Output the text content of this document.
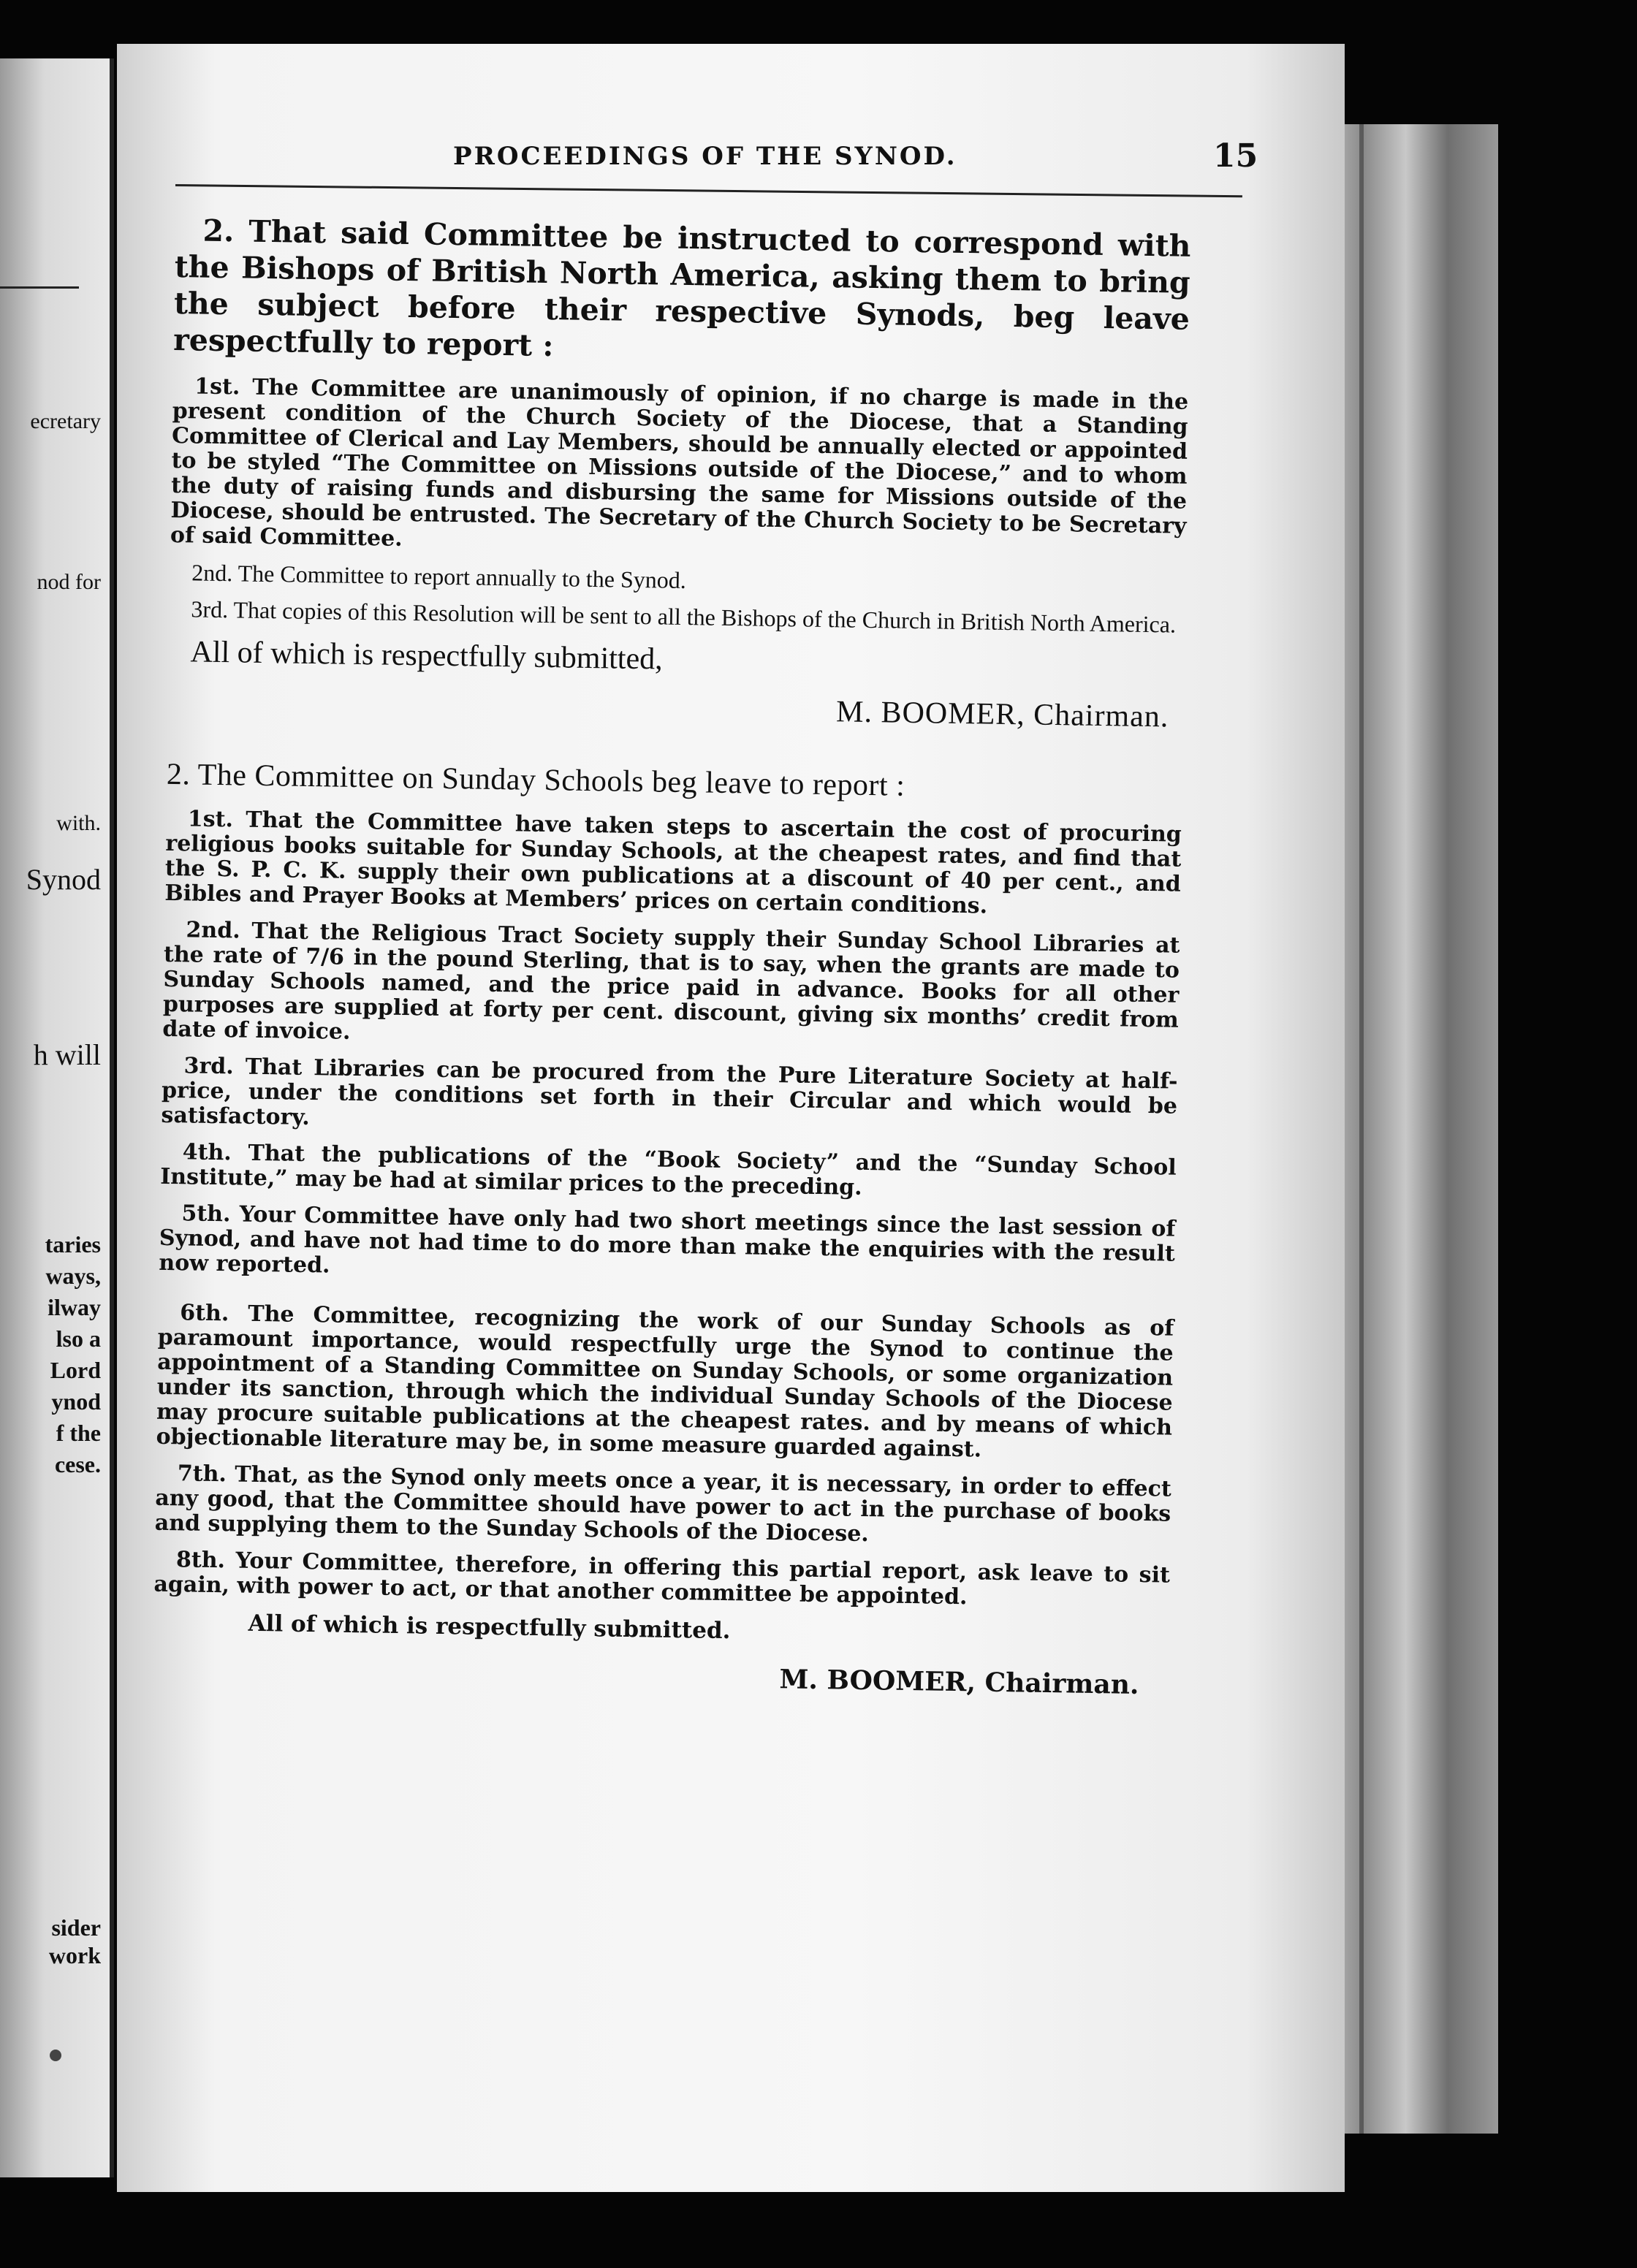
ecretary
nod for
with.
Synod
h will
taries
ways,
ilway
lso a
Lord
ynod
f the
cese.
sider
work
PROCEEDINGS OF THE SYNOD.	15

2. That said Committee be instructed to correspond with the Bishops of British North America, asking them to bring the subject before their respective Synods, beg leave respectfully to report :

1st. The Committee are unanimously of opinion, if no charge is made in the present condition of the Church Society of the Diocese, that a Standing Committee of Clerical and Lay Members, should be annually elected or appointed to be styled “The Committee on Missions outside of the Diocese,” and to whom the duty of raising funds and disbursing the same for Missions outside of the Diocese, should be entrusted. The Secretary of the Church Society to be Secretary of said Committee.

2nd. The Committee to report annually to the Synod.

3rd. That copies of this Resolution will be sent to all the Bishops of the Church in British North America.

All of which is respectfully submitted,

M. BOOMER, Chairman.

2. The Committee on Sunday Schools beg leave to report :

1st. That the Committee have taken steps to ascertain the cost of procuring religious books suitable for Sunday Schools, at the cheapest rates, and find that the S. P. C. K. supply their own publications at a discount of 40 per cent., and Bibles and Prayer Books at Members’ prices on certain conditions.

2nd. That the Religious Tract Society supply their Sunday School Libraries at the rate of 7/6 in the pound Sterling, that is to say, when the grants are made to Sunday Schools named, and the price paid in advance. Books for all other purposes are supplied at forty per cent. discount, giving six months’ credit from date of invoice.

3rd. That Libraries can be procured from the Pure Literature Society at half-price, under the conditions set forth in their Circular and which would be satisfactory.

4th. That the publications of the “Book Society” and the “Sunday School Institute,” may be had at similar prices to the preceding.

5th. Your Committee have only had two short meetings since the last session of Synod, and have not had time to do more than make the enquiries with the result now reported.

6th. The Committee, recognizing the work of our Sunday Schools as of paramount importance, would respectfully urge the Synod to continue the appointment of a Standing Committee on Sunday Schools, or some organization under its sanction, through which the individual Sunday Schools of the Diocese may procure suitable publications at the cheapest rates. and by means of which objectionable literature may be, in some measure guarded against.

7th. That, as the Synod only meets once a year, it is necessary, in order to effect any good, that the Committee should have power to act in the purchase of books and supplying them to the Sunday Schools of the Diocese.

8th. Your Committee, therefore, in offering this partial report, ask leave to sit again, with power to act, or that another committee be appointed.

All of which is respectfully submitted.

M. BOOMER, Chairman.
